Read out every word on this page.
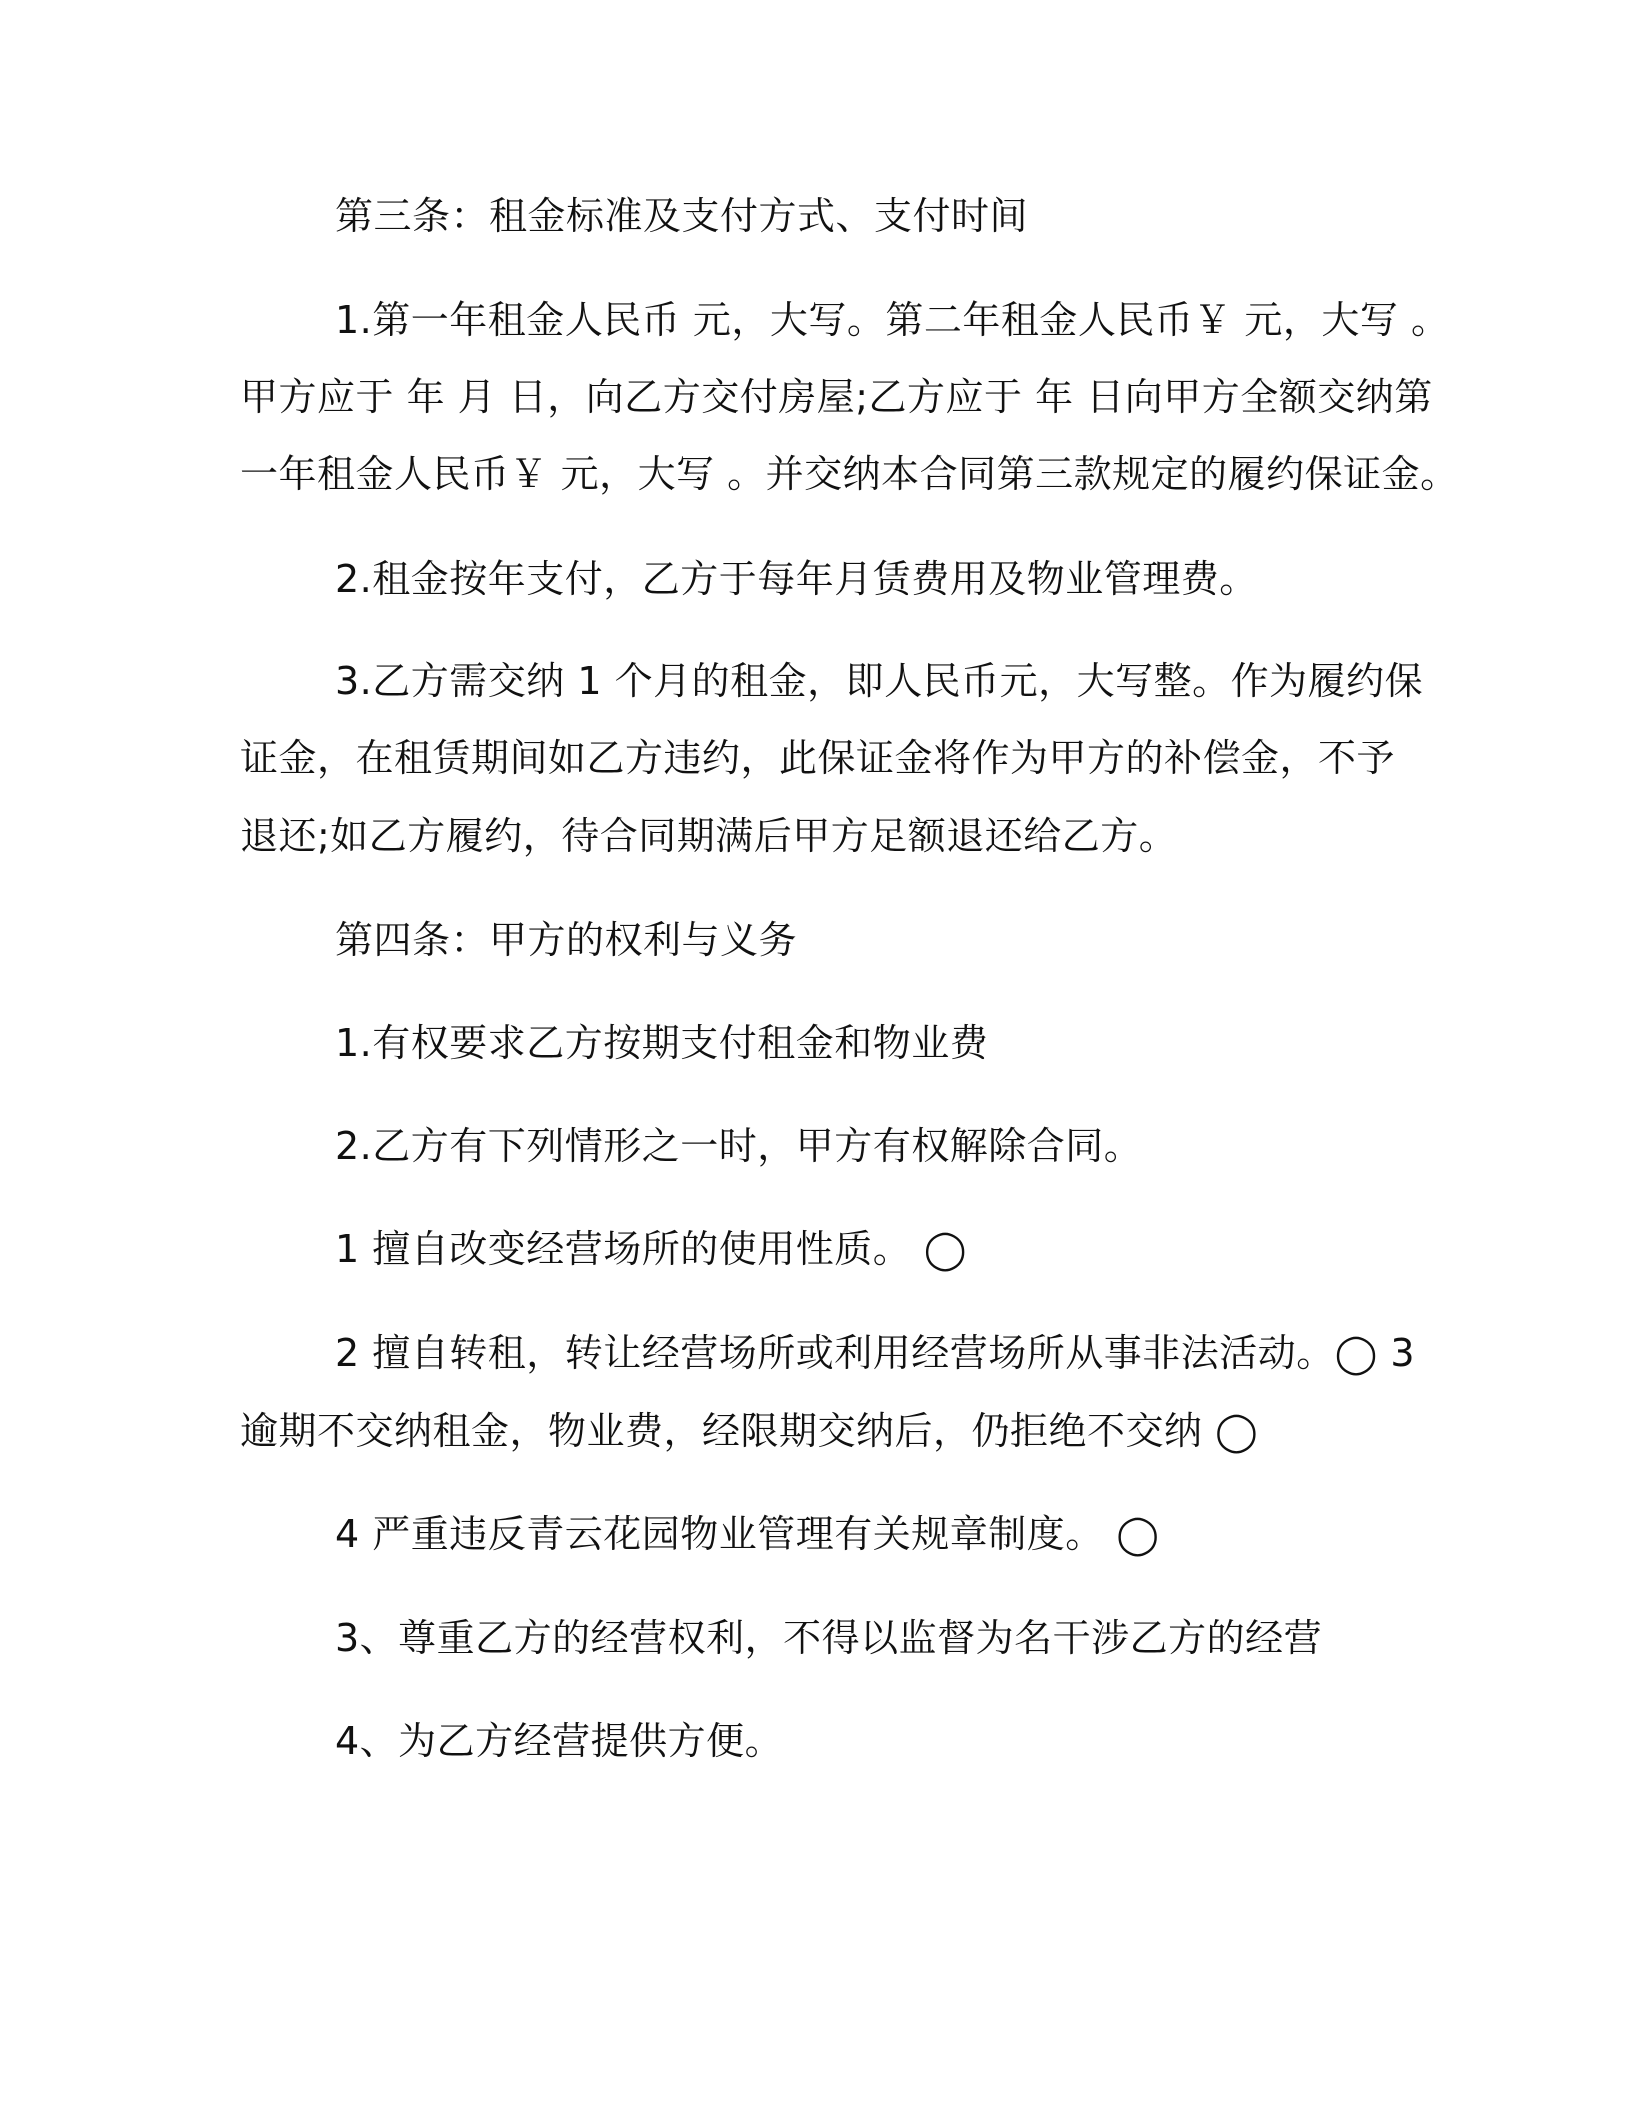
第三条：租金标准及支付方式、支付时间

1.第一年租金人民币 元，大写。第二年租金人民币￥ 元，大写 。

甲方应于 年 月 日，向乙方交付房屋;乙方应于 年 日向甲方全额交纳第

一年租金人民币￥ 元，大写 。并交纳本合同第三款规定的履约保证金。

2.租金按年支付，乙方于每年月赁费用及物业管理费。

3.乙方需交纳 1 个月的租金，即人民币元，大写整。作为履约保

证金，在租赁期间如乙方违约，此保证金将作为甲方的补偿金，不予

退还;如乙方履约，待合同期满后甲方足额退还给乙方。

第四条：甲方的权利与义务

1.有权要求乙方按期支付租金和物业费

2.乙方有下列情形之一时，甲方有权解除合同。

1 擅自改变经营场所的使用性质。 ◯

2 擅自转租，转让经营场所或利用经营场所从事非法活动。◯ 3

逾期不交纳租金，物业费，经限期交纳后，仍拒绝不交纳 ◯

4 严重违反青云花园物业管理有关规章制度。 ◯

3、尊重乙方的经营权利，不得以监督为名干涉乙方的经营

4、为乙方经营提供方便。
